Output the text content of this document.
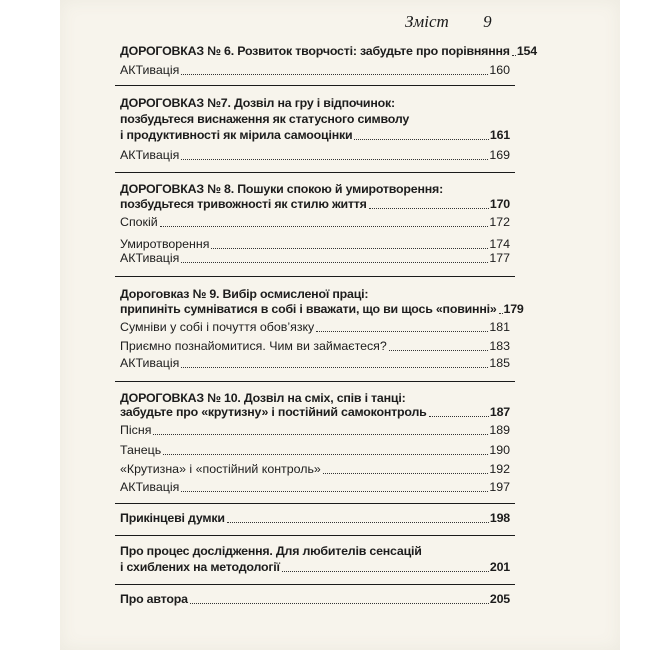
Зміст 9
ДОРОГОВКАЗ № 6. Розвиток творчості: забудьте про порівняння 154
АКТивація	160
ДОРОГОВКАЗ №7. Дозвіл на гру і відпочинок:
позбудьтеся виснаження як статусного символу
і продуктивності як мірила самооцінки	161
АКТивація	169
ДОРОГОВКАЗ № 8. Пошуки спокою й умиротворення:
позбудьтеся тривожності як стилю життя	170
Спокій	172
Умиротворення	174
АКТивація	177
Дороговказ № 9. Вибір осмисленої праці:
припиніть сумніватися в собі і вважати, що ви щось «повинні» 179
Сумніви у собі і почуття обов’язку	181
Приємно познайомитися. Чим ви займаєтеся?	183
АКТивація	185
ДОРОГОВКАЗ № 10. Дозвіл на сміх, спів і танці:
забудьте про «крутизну» і постійний самоконтроль	187
Пісня	189
Танець	190
«Крутизна» і «постійний контроль»	192
АКТивація	197
Прикінцеві думки	198
Про процес дослідження. Для любителів сенсацій
і схиблених на методології	201
Про автора	205
